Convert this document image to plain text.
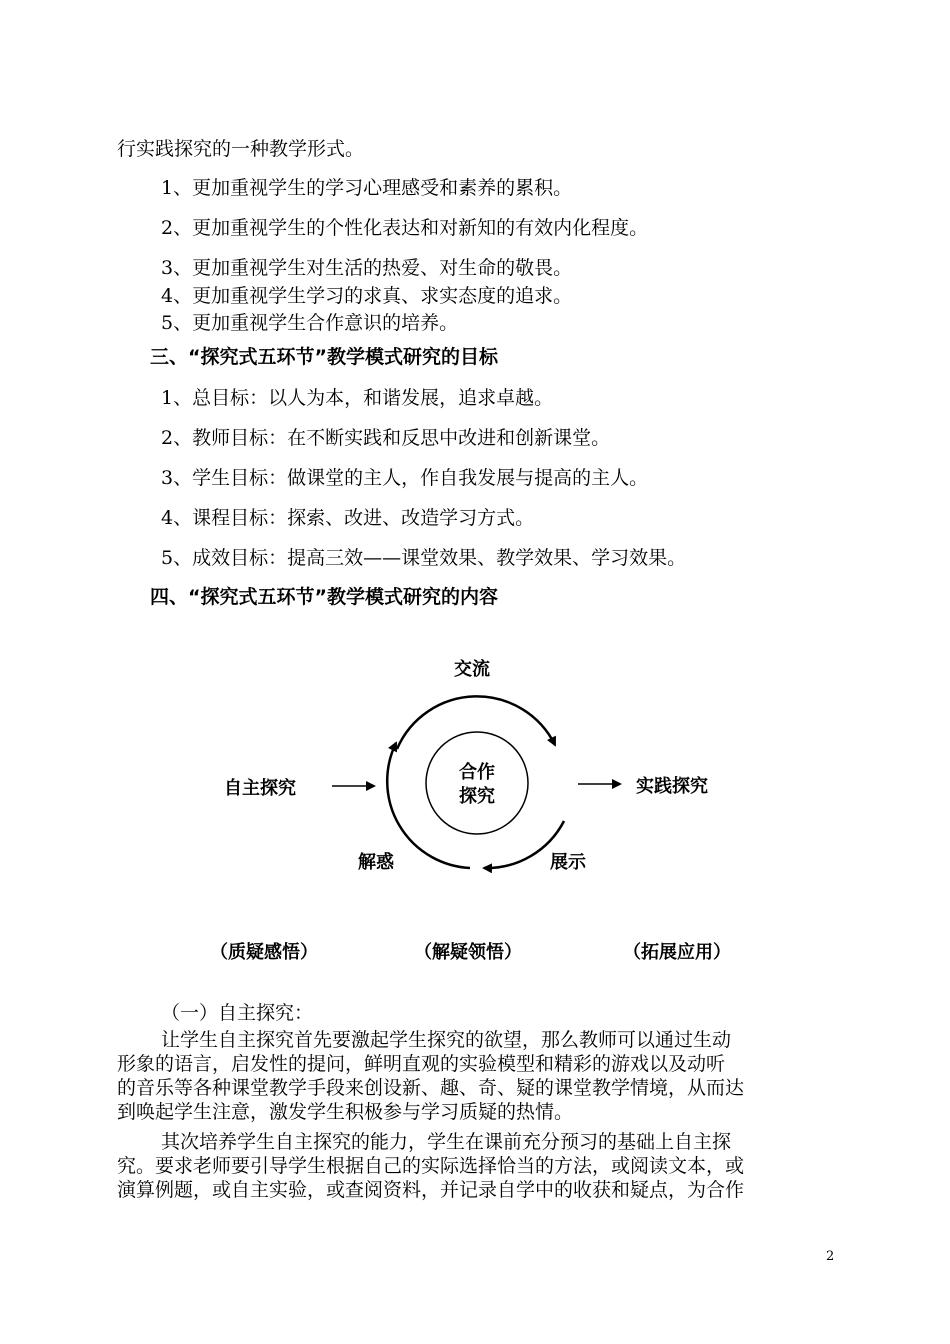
行实践探究的一种教学形式。
1、更加重视学生的学习心理感受和素养的累积。
2、更加重视学生的个性化表达和对新知的有效内化程度。
3、更加重视学生对生活的热爱、对生命的敬畏。
4、更加重视学生学习的求真、求实态度的追求。
5、更加重视学生合作意识的培养。
三、“探究式五环节”教学模式研究的目标
1、总目标：以人为本，和谐发展，追求卓越。
2、教师目标：在不断实践和反思中改进和创新课堂。
3、学生目标：做课堂的主人，作自我发展与提高的主人。
4、课程目标：探索、改进、改造学习方式。
5、成效目标：提高三效——课堂效果、教学效果、学习效果。
四、“探究式五环节”教学模式研究的内容
交流
合作
探究
自主探究	实践探究
解惑	展示
（质疑感悟）	（解疑领悟）	（拓展应用）
（一）自主探究：
让学生自主探究首先要激起学生探究的欲望，那么教师可以通过生动
形象的语言，启发性的提问，鲜明直观的实验模型和精彩的游戏以及动听
的音乐等各种课堂教学手段来创设新、趣、奇、疑的课堂教学情境，从而达
到唤起学生注意，激发学生积极参与学习质疑的热情。
其次培养学生自主探究的能力，学生在课前充分预习的基础上自主探
究。要求老师要引导学生根据自己的实际选择恰当的方法，或阅读文本，或
演算例题，或自主实验，或查阅资料，并记录自学中的收获和疑点，为合作
2
